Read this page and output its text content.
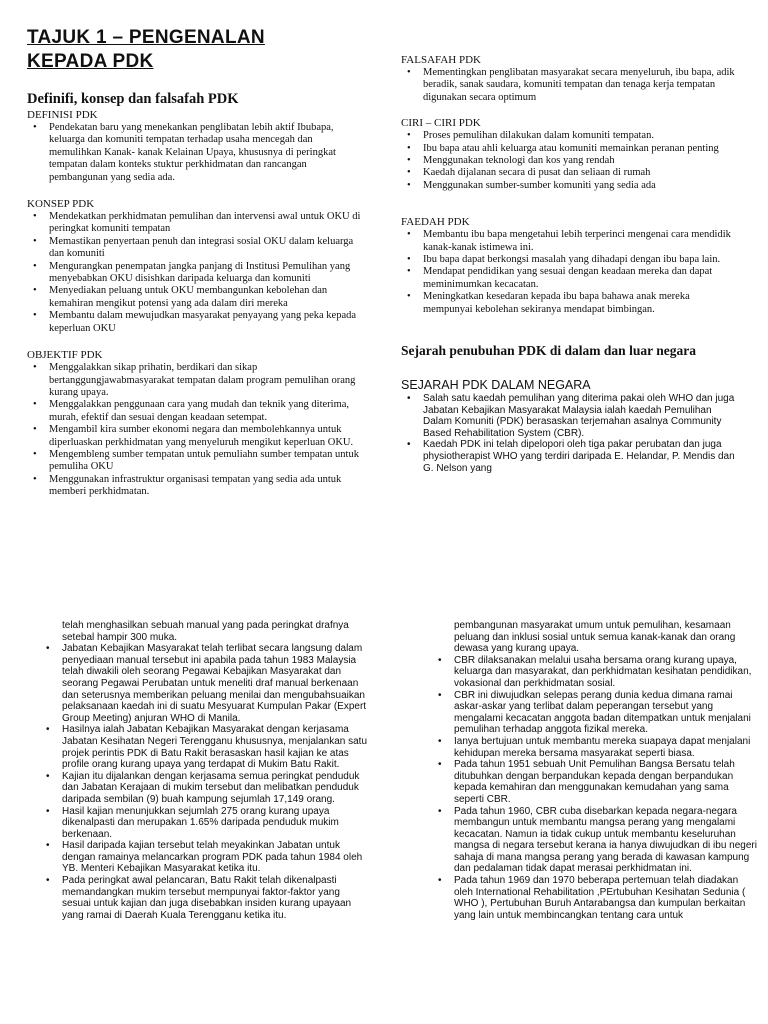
TAJUK 1 – PENGENALAN KEPADA PDK
Definifi, konsep dan falsafah PDK

DEFINISI PDK

• Pendekatan baru yang menekankan penglibatan lebih aktif Ibubapa, keluarga dan komuniti tempatan terhadap usaha mencegah dan memulihkan Kanak- kanak Kelainan Upaya, khususnya di peringkat tempatan dalam konteks stuktur perkhidmatan dan rancangan pembangunan yang sedia ada.

KONSEP PDK

• Mendekatkan perkhidmatan pemulihan dan intervensi awal untuk OKU di peringkat komuniti tempatan
• Memastikan penyertaan penuh dan integrasi sosial OKU dalam keluarga dan komuniti
• Mengurangkan penempatan jangka panjang di Institusi Pemulihan yang menyebabkan OKU disishkan daripada keluarga dan komuniti
• Menyediakan peluang untuk OKU membangunkan kebolehan dan kemahiran mengikut potensi yang ada dalam diri mereka
• Membantu dalam mewujudkan masyarakat penyayang yang peka kepada keperluan OKU

OBJEKTIF PDK

• Menggalakkan sikap prihatin, berdikari dan sikap bertanggungjawabmasyarakat tempatan dalam program pemulihan orang kurang upaya.
• Menggalakkan penggunaan cara yang mudah dan teknik yang diterima, murah, efektif dan sesuai dengan keadaan setempat.
• Mengambil kira sumber ekonomi negara dan membolehkannya untuk diperluaskan perkhidmatan yang menyeluruh mengikut keperluan OKU.
• Mengembleng sumber tempatan untuk pemuliahn sumber tempatan untuk pemuliha OKU
• Menggunakan infrastruktur organisasi tempatan yang sedia ada untuk memberi perkhidmatan.

FALSAFAH PDK

• Mementingkan penglibatan masyarakat secara menyeluruh, ibu bapa, adik beradik, sanak saudara, komuniti tempatan dan tenaga kerja tempatan digunakan secara optimum

CIRI – CIRI PDK

• Proses pemulihan dilakukan dalam komuniti tempatan.
• Ibu bapa atau ahli keluarga atau komuniti memainkan peranan penting
• Menggunakan teknologi dan kos yang rendah
• Kaedah dijalanan secara di pusat dan seliaan di rumah
• Menggunakan sumber-sumber komuniti yang sedia ada

FAEDAH PDK

• Membantu ibu bapa mengetahui lebih terperinci mengenai cara mendidik kanak-kanak istimewa ini.
• Ibu bapa dapat berkongsi masalah yang dihadapi dengan ibu bapa lain.
• Mendapat pendidikan yang sesuai dengan keadaan mereka dan dapat meminimumkan kecacatan.
• Meningkatkan kesedaran kepada ibu bapa bahawa anak mereka mempunyai kebolehan sekiranya mendapat bimbingan.
Sejarah penubuhan PDK di dalam dan luar negara

SEJARAH PDK DALAM NEGARA

• Salah satu kaedah pemulihan yang diterima pakai oleh WHO dan juga Jabatan Kebajikan Masyarakat Malaysia ialah kaedah Pemulihan Dalam Komuniti (PDK) berasaskan terjemahan asalnya Community Based Rehabilitation System (CBR).
• Kaedah PDK ini telah dipelopori oleh tiga pakar perubatan dan juga physiotherapist WHO yang terdiri daripada E. Helandar, P. Mendis dan G. Nelson yang

telah menghasilkan sebuah manual yang pada peringkat drafnya setebal hampir 300 muka.

• Jabatan Kebajikan Masyarakat telah terlibat secara langsung dalam penyediaan manual tersebut ini apabila pada tahun 1983 Malaysia telah diwakili oleh seorang Pegawai Kebajikan Masyarakat dan seorang Pegawai Perubatan untuk meneliti draf manual berkenaan dan seterusnya memberikan peluang menilai dan mengubahsuaikan pelaksanaan kaedah ini di suatu Mesyuarat Kumpulan Pakar (Expert Group Meeting) anjuran WHO di Manila.
• Hasilnya ialah Jabatan Kebajikan Masyarakat dengan kerjasama Jabatan Kesihatan Negeri Terengganu khususnya, menjalankan satu projek perintis PDK di Batu Rakit berasaskan hasil kajian ke atas profile orang kurang upaya yang terdapat di Mukim Batu Rakit.
• Kajian itu dijalankan dengan kerjasama semua peringkat penduduk dan Jabatan Kerajaan di mukim tersebut dan melibatkan penduduk daripada sembilan (9) buah kampung sejumlah 17,149 orang.
• Hasil kajian menunjukkan sejumlah 275 orang kurang upaya dikenalpasti dan merupakan 1.65% daripada penduduk mukim berkenaan.
• Hasil daripada kajian tersebut telah meyakinkan Jabatan untuk dengan ramainya melancarkan program PDK pada tahun 1984 oleh YB. Menteri Kebajikan Masyarakat ketika itu.
• Pada peringkat awal pelancaran, Batu Rakit telah dikenalpasti memandangkan mukim tersebut mempunyai faktor-faktor yang sesuai untuk kajian dan juga disebabkan insiden kurang upayaan yang ramai di Daerah Kuala Terengganu ketika itu.

pembangunan masyarakat umum untuk pemulihan, kesamaan peluang dan inklusi sosial untuk semua kanak-kanak dan orang dewasa yang kurang upaya.

• CBR dilaksanakan melalui usaha bersama orang kurang upaya, keluarga dan masyarakat, dan perkhidmatan kesihatan pendidikan, vokasional dan perkhidmatan sosial.
• CBR ini diwujudkan selepas perang dunia kedua dimana ramai askar-askar yang terlibat dalam peperangan tersebut yang mengalami kecacatan anggota badan ditempatkan untuk menjalani pemulihan terhadap anggota fizikal mereka.
• Ianya bertujuan untuk membantu mereka suapaya dapat menjalani kehidupan mereka bersama masyarakat seperti biasa.
• Pada tahun 1951 sebuah Unit Pemulihan Bangsa Bersatu telah ditubuhkan dengan berpandukan kepada dengan berpandukan kepada kemahiran dan menggunakan kemudahan yang sama seperti CBR.
• Pada tahun 1960, CBR cuba disebarkan kepada negara-negara membangun untuk membantu mangsa perang yang mengalami kecacatan. Namun ia tidak cukup untuk membantu keseluruhan mangsa di negara tersebut kerana ia hanya diwujudkan di ibu negeri sahaja di mana mangsa perang yang berada di kawasan kampung dan pedalaman tidak dapat merasai perkhidmatan ini.
• Pada tahun 1969 dan 1970 beberapa pertemuan telah diadakan oleh International Rehabilitation ,PErtubuhan Kesihatan Sedunia ( WHO ), Pertubuhan Buruh Antarabangsa dan kumpulan berkaitan yang lain untuk membincangkan tentang cara untuk
